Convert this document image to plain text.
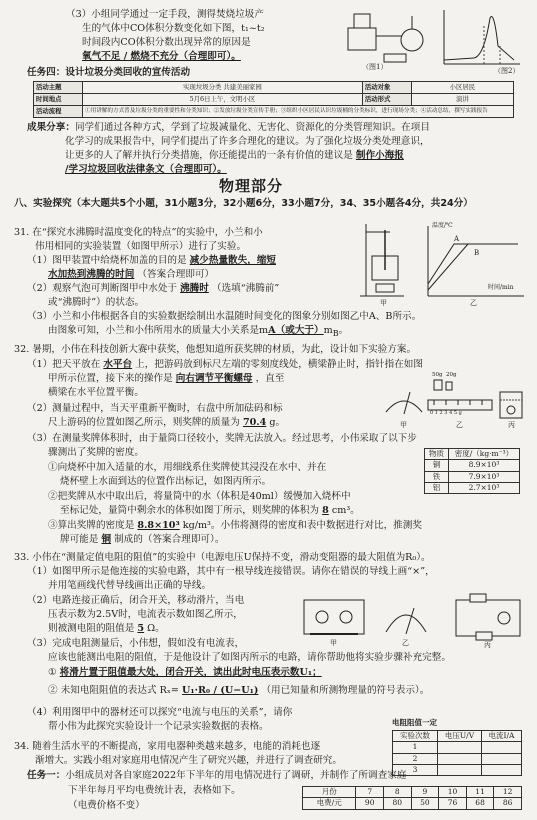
（3）小组同学通过一定手段，测得焚烧垃圾产
生的气体中CO体积分数变化如下图，t₁~t₂
时间段内CO体积分数出现异常的原因是
氧气不足 / 燃烧不充分（合理即可）。
（图1）	（图2）
任务四：设计垃圾分类回收的宣传活动
活动主题	实现垃圾分类 共建美丽家园	活动对象	小区居民
时间地点	5月6日上午，文明小区	活动形式	演讲
活动流程	①用讲解的方式普及垃圾分类的重要性和分类知识；②发放垃圾分类宣传手册；③组织小区居民认识垃圾桶的分类标识，进行现场分类；④活动总结，撰写实践报告		
成果分享：同学们通过各种方式，学到了垃圾减量化、无害化、资源化的分类管理知识。在项目
化学习的成果报告中，同学们提出了许多合理化的建议。为了强化垃圾分类处理意识，
让更多的人了解并执行分类措施，你还能提出的一条有价值的建议是 制作小海报
/学习垃圾回收法律条文（合理即可）。
物理部分
八、实验探究（本大题共5个小题，31小题3分，32小题6分，33小题7分，34、35小题各4分，共24分）
31. 在“探究水沸腾时温度变化的特点”的实验中，小兰和小
伟用相同的实验装置（如图甲所示）进行了实验。
（1）图甲装置中给烧杯加盖的目的是 减少热量散失，缩短
水加热到沸腾的时间 （答案合理即可）
（2）观察气泡可判断图甲中水处于 沸腾时 （选填“沸腾前”
或“沸腾时”）的状态。
（3）小兰和小伟根据各自的实验数据绘制出水温随时间变化的图象分别如图乙中A、B所示。
由图象可知，小兰和小伟所用水的质量大小关系是mA（或大于）$m_B$。
甲	乙
温度/℃
时间/min
A
B
32. 暑期，小伟在科技创新大赛中获奖，他想知道所获奖牌的材质，为此，设计如下实验方案。
（1）把天平放在 水平台 上，把游码放到标尺左端的零刻度线处，横梁静止时，指针指在如图
甲所示位置，接下来的操作是 向右调节平衡螺母 ，直至
横梁在水平位置平衡。
（2）测量过程中，当天平重新平衡时，右盘中所加砝码和标
尺上游码的位置如图乙所示，则奖牌的质量为 70.4 g。
（3）在测量奖牌体积时，由于量筒口径较小，奖牌无法放入。经过思考，小伟采取了以下步
骤测出了奖牌的密度。
①向烧杯中加入适量的水，用细线系住奖牌使其浸没在水中、并在
烧杯壁上水面到达的位置作出标记，如图丙所示。
②把奖牌从水中取出后，将量筒中的水（体积是40ml）缓慢加入烧杯中
至标记处，量筒中剩余水的体积如图丁所示，则奖牌的体积为 8 cm³。
③算出奖牌的密度是 8.8×10³ kg/m³。小伟将测得的密度和表中数据进行对比，推测奖
牌可能是 铜 制成的（答案合理即可）。
甲	乙	丙
50g 20g
0 1 2 3 4 5 g
物质	密度/（kg·m⁻³）
铜	8.9×10³
铁	7.9×10³
铝	2.7×10³
33. 小伟在“测量定值电阻的阻值”的实验中（电源电压U保持不变，滑动变阻器的最大阻值为R₀）。
（1）如图甲所示是他连接的实验电路，其中有一根导线连接错误。请你在错误的导线上画“×”，
并用笔画线代替导线画出正确的导线。
（2）电路连接正确后，闭合开关，移动滑片，当电
压表示数为2.5V时，电流表示数如图乙所示，
则被测电阻的阻值是 5 Ω。
（3）完成电阻测量后，小伟想，假如没有电流表，
应该也能测出电阻的阻值，于是他设计了如图丙所示的电路，请你帮助他将实验步骤补充完整。
① 将滑片置于阻值最大处，闭合开关，读出此时电压表示数U₁；
② 未知电阻阻值的表达式 Rₓ= U₁·R₀ / (U−U₁) （用已知量和所测物理量的符号表示）。
（4）利用图甲中的器材还可以探究“电流与电压的关系”，请你
帮小伟为此探究实验设计一个记录实验数据的表格。
甲	乙	丙
电阻阻值一定
实验次数	电压U/V	电流I/A
1		
2		
3		
34. 随着生活水平的不断提高，家用电器种类越来越多，电能的消耗也逐
渐增大。实践小组对家庭用电情况产生了研究兴趣，并进行了调查研究。
任务一：小组成员对各自家庭2022年下半年的用电情况进行了调研，并制作了所调查家庭
下半年每月平均电费统计表，表格如下。
（电费价格不变）
月份	7	8	9	10	11	12
电费/元	90	80	50	76	68	86
